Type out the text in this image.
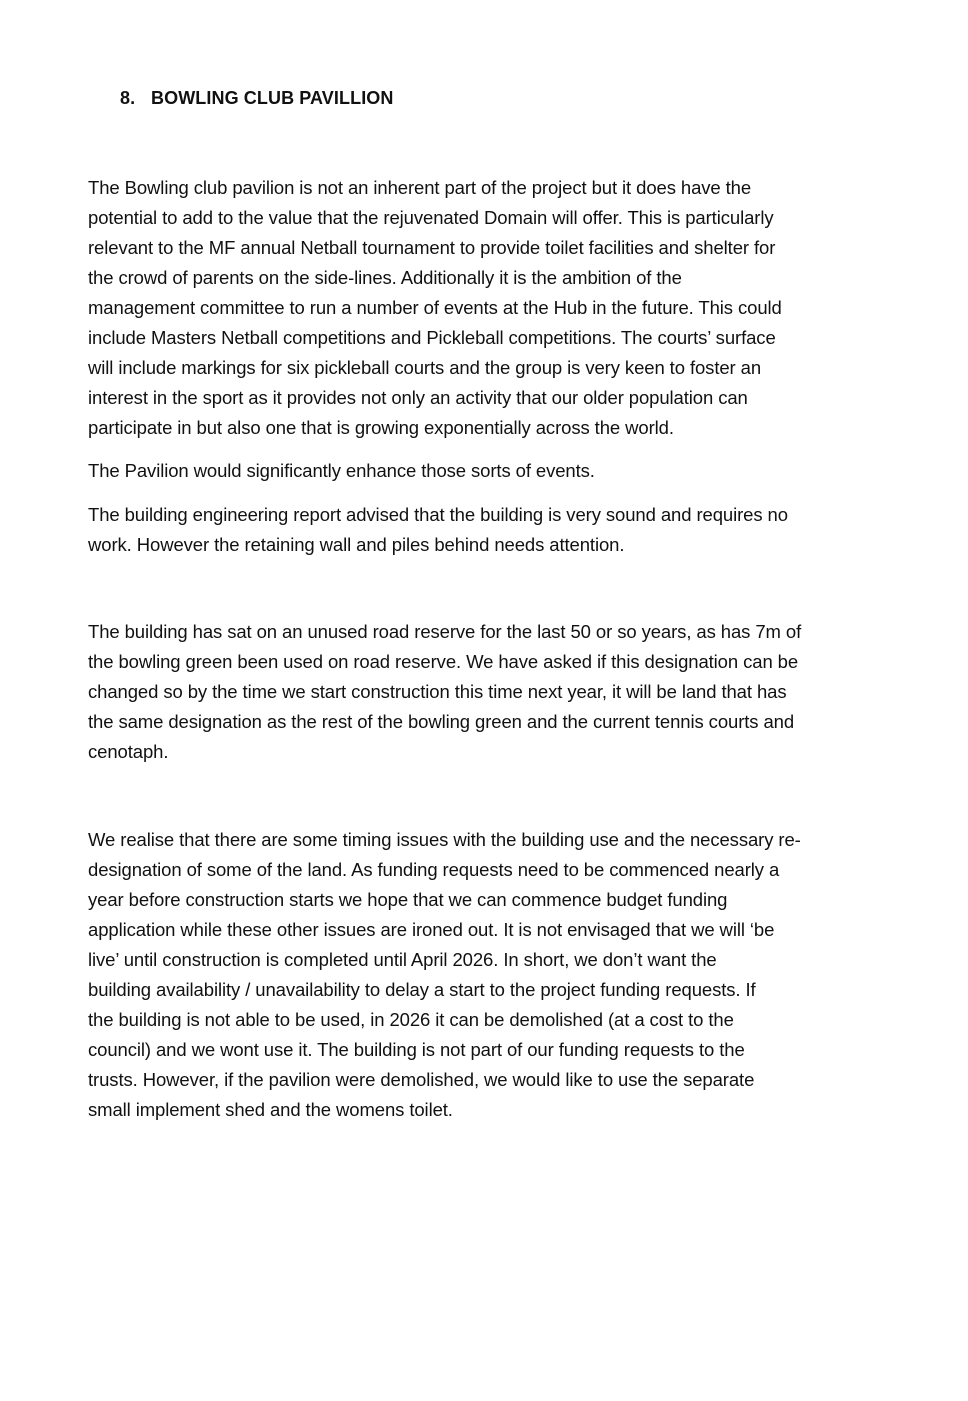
8. BOWLING CLUB PAVILLION

The Bowling club pavilion is not an inherent part of the project but it does have the
potential to add to the value that the rejuvenated Domain will offer. This is particularly
relevant to the MF annual Netball tournament to provide toilet facilities and shelter for
the crowd of parents on the side-lines. Additionally it is the ambition of the
management committee to run a number of events at the Hub in the future. This could
include Masters Netball competitions and Pickleball competitions. The courts’ surface
will include markings for six pickleball courts and the group is very keen to foster an
interest in the sport as it provides not only an activity that our older population can
participate in but also one that is growing exponentially across the world.

The Pavilion would significantly enhance those sorts of events.

The building engineering report advised that the building is very sound and requires no
work. However the retaining wall and piles behind needs attention.

The building has sat on an unused road reserve for the last 50 or so years, as has 7m of
the bowling green been used on road reserve. We have asked if this designation can be
changed so by the time we start construction this time next year, it will be land that has
the same designation as the rest of the bowling green and the current tennis courts and
cenotaph.

We realise that there are some timing issues with the building use and the necessary re-
designation of some of the land. As funding requests need to be commenced nearly a
year before construction starts we hope that we can commence budget funding
application while these other issues are ironed out. It is not envisaged that we will ‘be
live’ until construction is completed until April 2026. In short, we don’t want the
building availability / unavailability to delay a start to the project funding requests. If
the building is not able to be used, in 2026 it can be demolished (at a cost to the
council) and we wont use it. The building is not part of our funding requests to the
trusts. However, if the pavilion were demolished, we would like to use the separate
small implement shed and the womens toilet.
